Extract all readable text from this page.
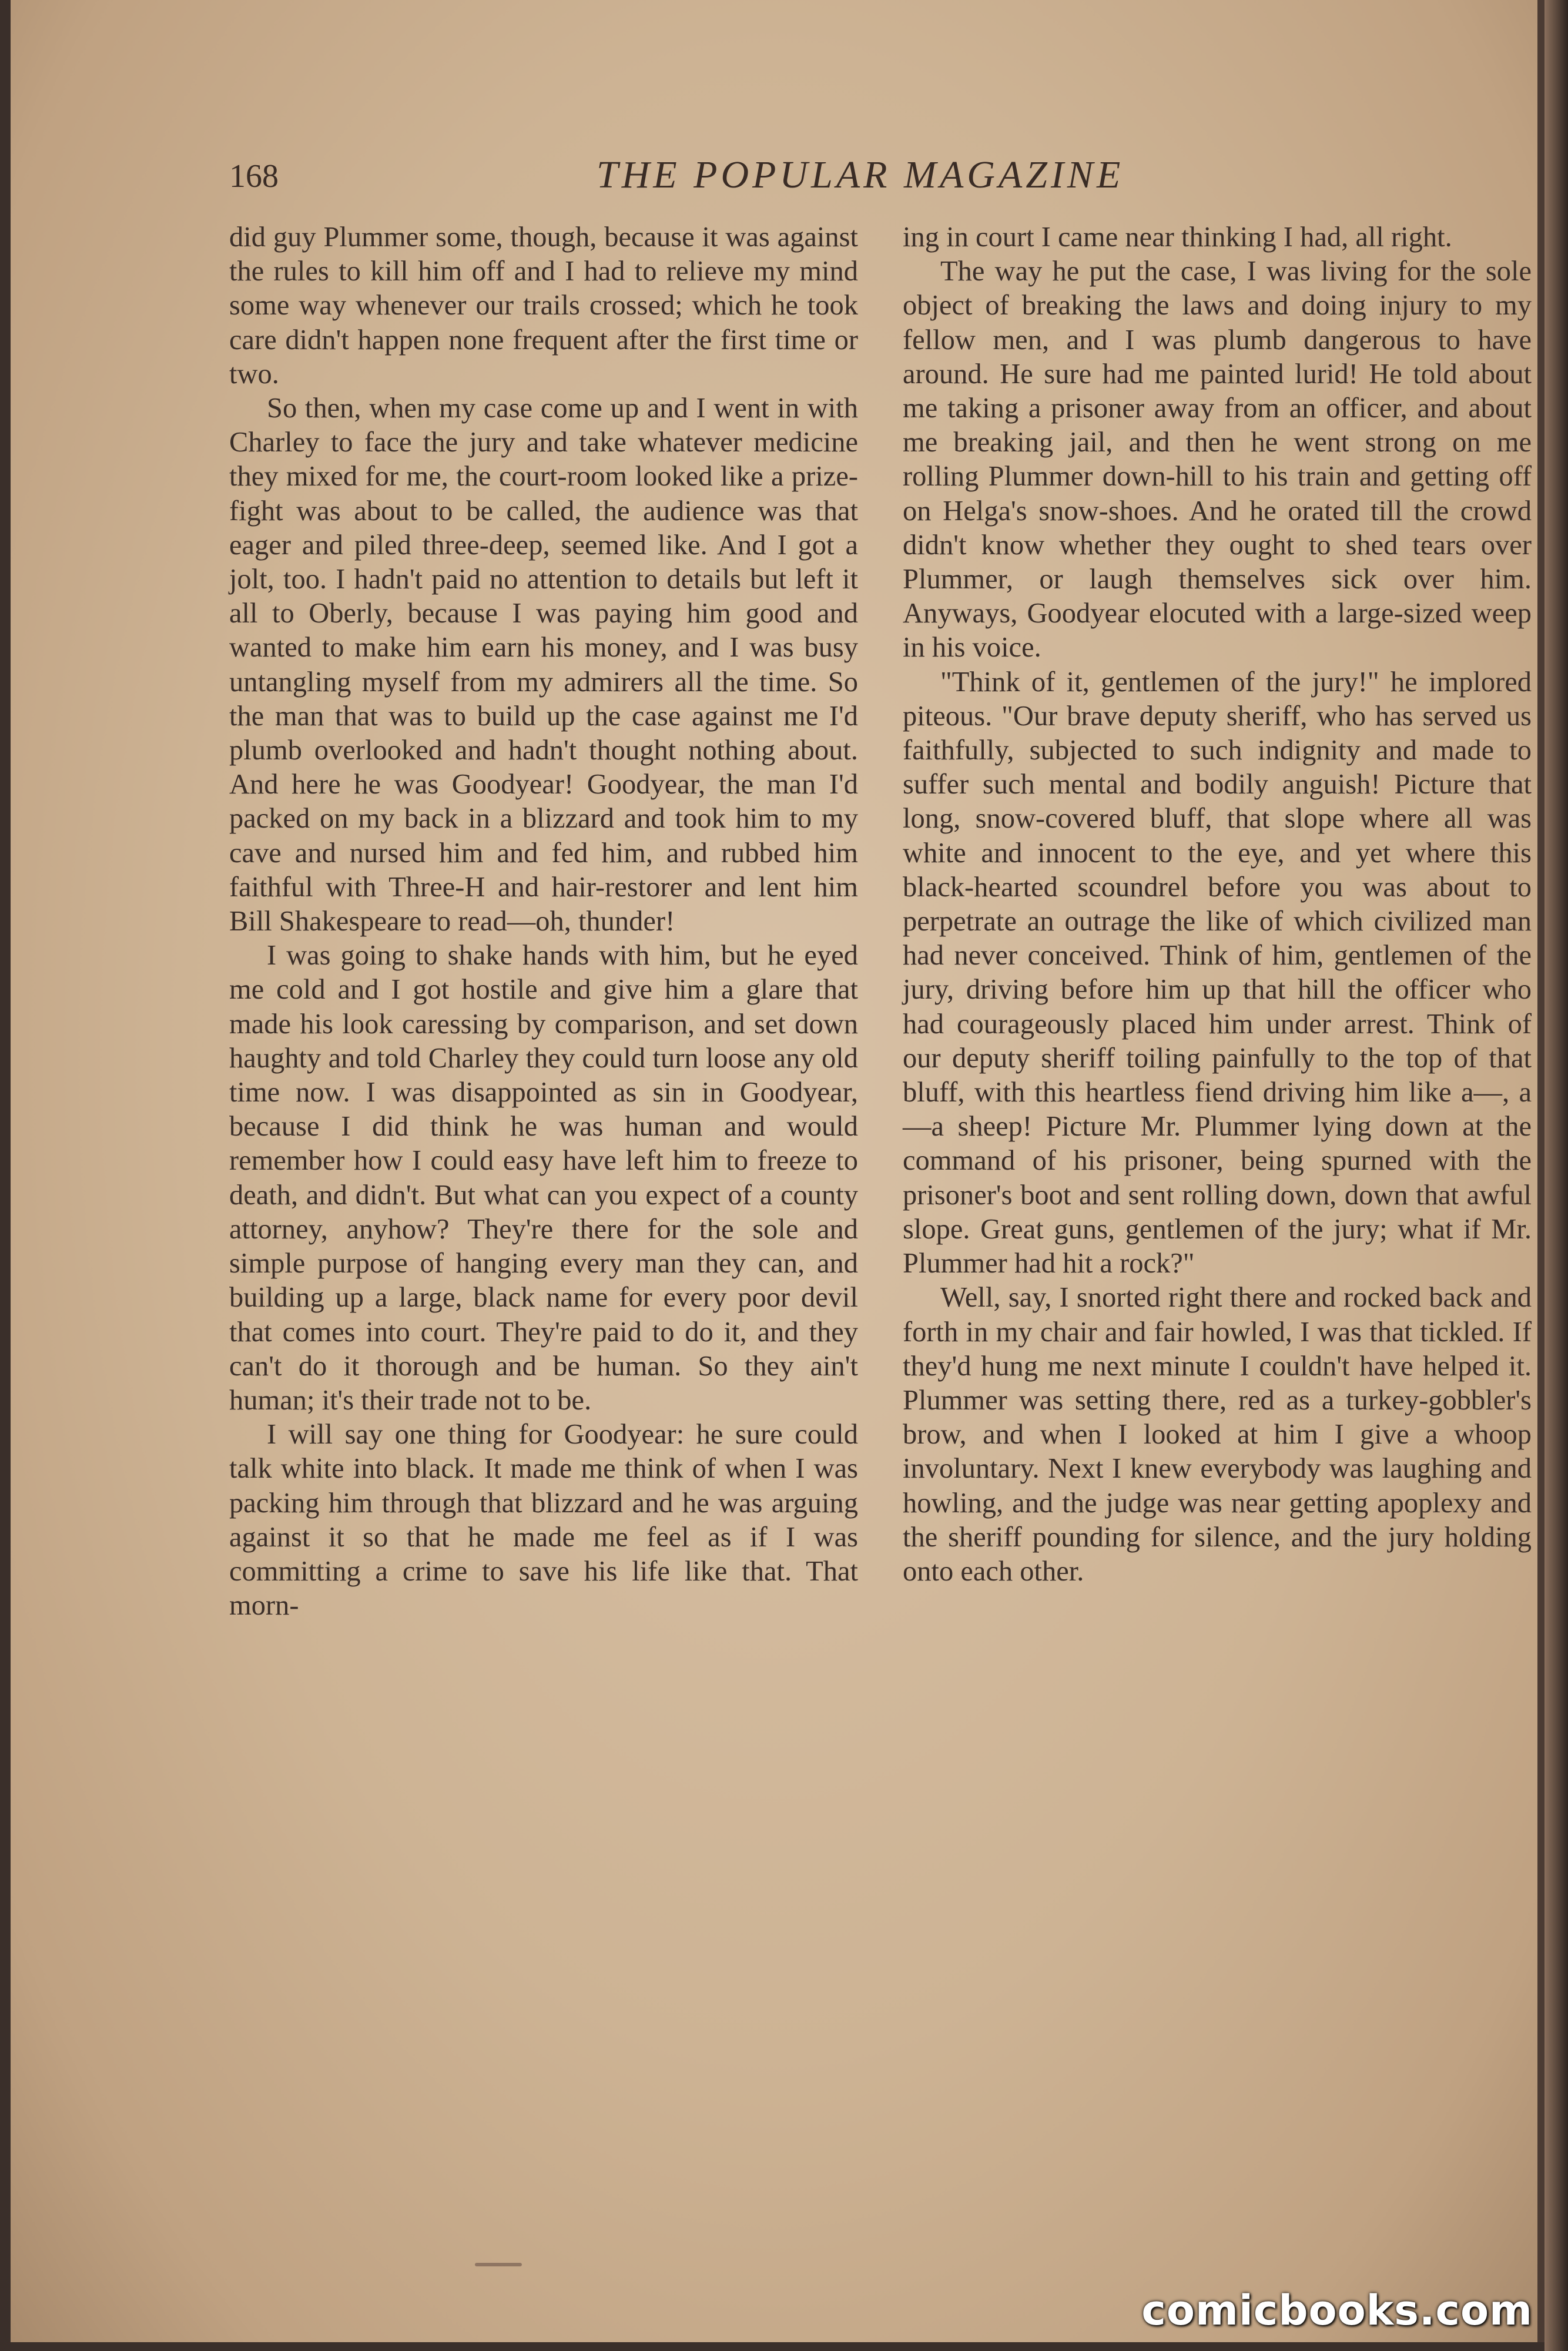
168	THE POPULAR MAGAZINE

did guy Plummer some, though, because it was against the rules to kill him off and I had to relieve my mind some way whenever our trails crossed; which he took care didn't happen none frequent after the first time or two.

So then, when my case come up and I went in with Charley to face the jury and take whatever medicine they mixed for me, the court-room looked like a prize-fight was about to be called, the audience was that eager and piled three-deep, seemed like. And I got a jolt, too. I hadn't paid no attention to details but left it all to Oberly, because I was paying him good and wanted to make him earn his money, and I was busy untangling myself from my admirers all the time. So the man that was to build up the case against me I'd plumb overlooked and hadn't thought nothing about. And here he was Goodyear! Goodyear, the man I'd packed on my back in a blizzard and took him to my cave and nursed him and fed him, and rubbed him faithful with Three-H and hair-restorer and lent him Bill Shakespeare to read—oh, thunder!

I was going to shake hands with him, but he eyed me cold and I got hostile and give him a glare that made his look caressing by comparison, and set down haughty and told Charley they could turn loose any old time now. I was disappointed as sin in Goodyear, because I did think he was human and would remember how I could easy have left him to freeze to death, and didn't. But what can you expect of a county attorney, anyhow? They're there for the sole and simple purpose of hanging every man they can, and building up a large, black name for every poor devil that comes into court. They're paid to do it, and they can't do it thorough and be human. So they ain't human; it's their trade not to be.

I will say one thing for Goodyear: he sure could talk white into black. It made me think of when I was packing him through that blizzard and he was arguing against it so that he made me feel as if I was committing a crime to save his life like that. That morn-

ing in court I came near thinking I had, all right.

The way he put the case, I was living for the sole object of breaking the laws and doing injury to my fellow men, and I was plumb dangerous to have around. He sure had me painted lurid! He told about me taking a prisoner away from an officer, and about me breaking jail, and then he went strong on me rolling Plummer down-hill to his train and getting off on Helga's snow-shoes. And he orated till the crowd didn't know whether they ought to shed tears over Plummer, or laugh themselves sick over him. Anyways, Goodyear elocuted with a large-sized weep in his voice.

"Think of it, gentlemen of the jury!" he implored piteous. "Our brave deputy sheriff, who has served us faithfully, subjected to such indignity and made to suffer such mental and bodily anguish! Picture that long, snow-covered bluff, that slope where all was white and innocent to the eye, and yet where this black-hearted scoundrel before you was about to perpetrate an outrage the like of which civilized man had never conceived. Think of him, gentlemen of the jury, driving before him up that hill the officer who had courageously placed him under arrest. Think of our deputy sheriff toiling painfully to the top of that bluff, with this heartless fiend driving him like a—, a—a sheep! Picture Mr. Plummer lying down at the command of his prisoner, being spurned with the prisoner's boot and sent rolling down, down that awful slope. Great guns, gentlemen of the jury; what if Mr. Plummer had hit a rock?"

Well, say, I snorted right there and rocked back and forth in my chair and fair howled, I was that tickled. If they'd hung me next minute I couldn't have helped it. Plummer was setting there, red as a turkey-gobbler's brow, and when I looked at him I give a whoop involuntary. Next I knew everybody was laughing and howling, and the judge was near getting apoplexy and the sheriff pounding for silence, and the jury holding onto each other.

comicbooks.com
